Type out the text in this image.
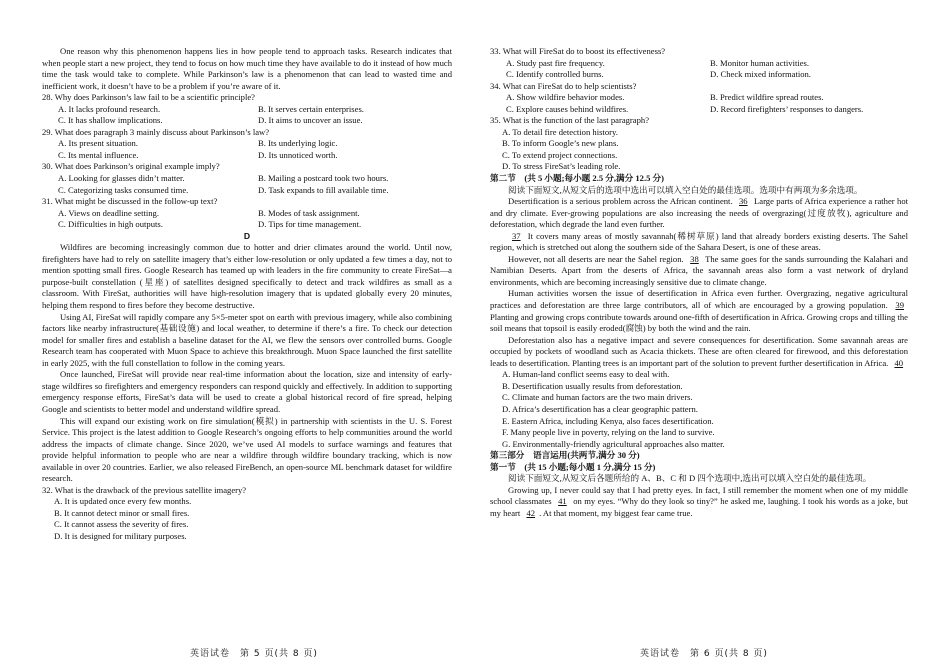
One reason why this phenomenon happens lies in how people tend to approach tasks. Research indicates that when people start a new project, they tend to focus on how much time they have available to do it instead of how much time the task would take to complete. While Parkinson’s law is a phenomenon that can lead to wasted time and inefficient work, it doesn’t have to be a problem if you’re aware of it.

28. Why does Parkinson’s law fail to be a scientific principle?

A. It lacks profound research.	B. It serves certain enterprises.
C. It has shallow implications.	D. It aims to uncover an issue.

29. What does paragraph 3 mainly discuss about Parkinson’s law?

A. Its present situation.	B. Its underlying logic.
C. Its mental influence.	D. Its unnoticed worth.

30. What does Parkinson’s original example imply?

A. Looking for glasses didn’t matter.	B. Mailing a postcard took two hours.
C. Categorizing tasks consumed time.	D. Task expands to fill available time.

31. What might be discussed in the follow-up text?

A. Views on deadline setting.	B. Modes of task assignment.
C. Difficulties in high outputs.	D. Tips for time management.
D

Wildfires are becoming increasingly common due to hotter and drier climates around the world. Until now, firefighters have had to rely on satellite imagery that’s either low-resolution or only updated a few times a day, not to mention spotting small fires. Google Research has teamed up with leaders in the fire community to create FireSat—a purpose-built constellation (星座) of satellites designed specifically to detect and track wildfires as small as a classroom. With FireSat, authorities will have high-resolution imagery that is updated globally every 20 minutes, helping them respond to fires before they become destructive.

Using AI, FireSat will rapidly compare any 5×5-meter spot on earth with previous imagery, while also combining factors like nearby infrastructure(基础设施) and local weather, to determine if there’s a fire. To check our detection model for smaller fires and establish a baseline dataset for the AI, we flew the sensors over controlled burns. Google Research team has cooperated with Muon Space to achieve this breakthrough. Muon Space launched the first satellite in early 2025, with the full constellation to follow in the coming years.

Once launched, FireSat will provide near real-time information about the location, size and intensity of early-stage wildfires so firefighters and emergency responders can respond quickly and effectively. In addition to supporting emergency response efforts, FireSat’s data will be used to create a global historical record of fire spread, helping Google and scientists to better model and understand wildfire spread.

This will expand our existing work on fire simulation(模拟) in partnership with scientists in the U. S. Forest Service. This project is the latest addition to Google Research’s ongoing efforts to help communities around the world address the impacts of climate change. Since 2020, we’ve used AI models to surface warnings and features that provide helpful information to people who are near a wildfire through wildfire boundary tracking, which is now available in over 20 countries. Earlier, we also released FireBench, an open-source ML benchmark dataset for wildfire research.

32. What is the drawback of the previous satellite imagery?

A. It is updated once every few months.
B. It cannot detect minor or small fires.
C. It cannot assess the severity of fires.
D. It is designed for military purposes.

33. What will FireSat do to boost its effectiveness?

A. Study past fire frequency.	B. Monitor human activities.
C. Identify controlled burns.	D. Check mixed information.

34. What can FireSat do to help scientists?

A. Show wildfire behavior modes.	B. Predict wildfire spread routes.
C. Explore causes behind wildfires.	D. Record firefighters’ responses to dangers.

35. What is the function of the last paragraph?

A. To detail fire detection history.
B. To inform Google’s new plans.
C. To extend project connections.
D. To stress FireSat’s leading role.

第二节　(共 5 小题;每小题 2.5 分,满分 12.5 分)

阅读下面短文,从短文后的选项中选出可以填入空白处的最佳选项。选项中有两项为多余选项。

Desertification is a serious problem across the African continent. 36 Large parts of Africa experience a rather hot and dry climate. Ever-growing populations are also increasing the needs of overgrazing(过度放牧), agriculture and deforestation, which degrade the land even further.

37 It covers many areas of mostly savannah(稀树草原) land that already borders existing deserts. The Sahel region, which is stretched out along the southern side of the Sahara Desert, is one of these areas.

However, not all deserts are near the Sahel region. 38 The same goes for the sands surrounding the Kalahari and Namibian Deserts. Apart from the deserts of Africa, the savannah areas also form a vast network of dryland environments, which are becoming increasingly sensitive due to climate change.

Human activities worsen the issue of desertification in Africa even further. Overgrazing, negative agricultural practices and deforestation are three large contributors, all of which are encouraged by a growing population. 39 Planting and growing crops contribute towards around one-fifth of desertification in Africa. Growing crops and tilling the soil means that topsoil is easily eroded(腐蚀) by both the wind and the rain.

Deforestation also has a negative impact and severe consequences for desertification. Some savannah areas are occupied by pockets of woodland such as Acacia thickets. These are often cleared for firewood, and this deforestation leads to desertification. Planting trees is an important part of the solution to prevent further desertification in Africa. 40

A. Human-land conflict seems easy to deal with.
B. Desertification usually results from deforestation.
C. Climate and human factors are the two main drivers.
D. Africa’s desertification has a clear geographic pattern.
E. Eastern Africa, including Kenya, also faces desertification.
F. Many people live in poverty, relying on the land to survive.
G. Environmentally-friendly agricultural approaches also matter.

第三部分　语言运用(共两节,满分 30 分)

第一节　(共 15 小题;每小题 1 分,满分 15 分)

阅读下面短文,从短文后各题所给的 A、B、C 和 D 四个选项中,选出可以填入空白处的最佳选项。

Growing up, I never could say that I had pretty eyes. In fact, I still remember the moment when one of my middle school classmates 41 on my eyes. “Why do they look so tiny?” he asked me, laughing. I took his words as a joke, but my heart 42 . At that moment, my biggest fear came true.

英语试卷　第 5 页(共 8 页)	英语试卷　第 6 页(共 8 页)
